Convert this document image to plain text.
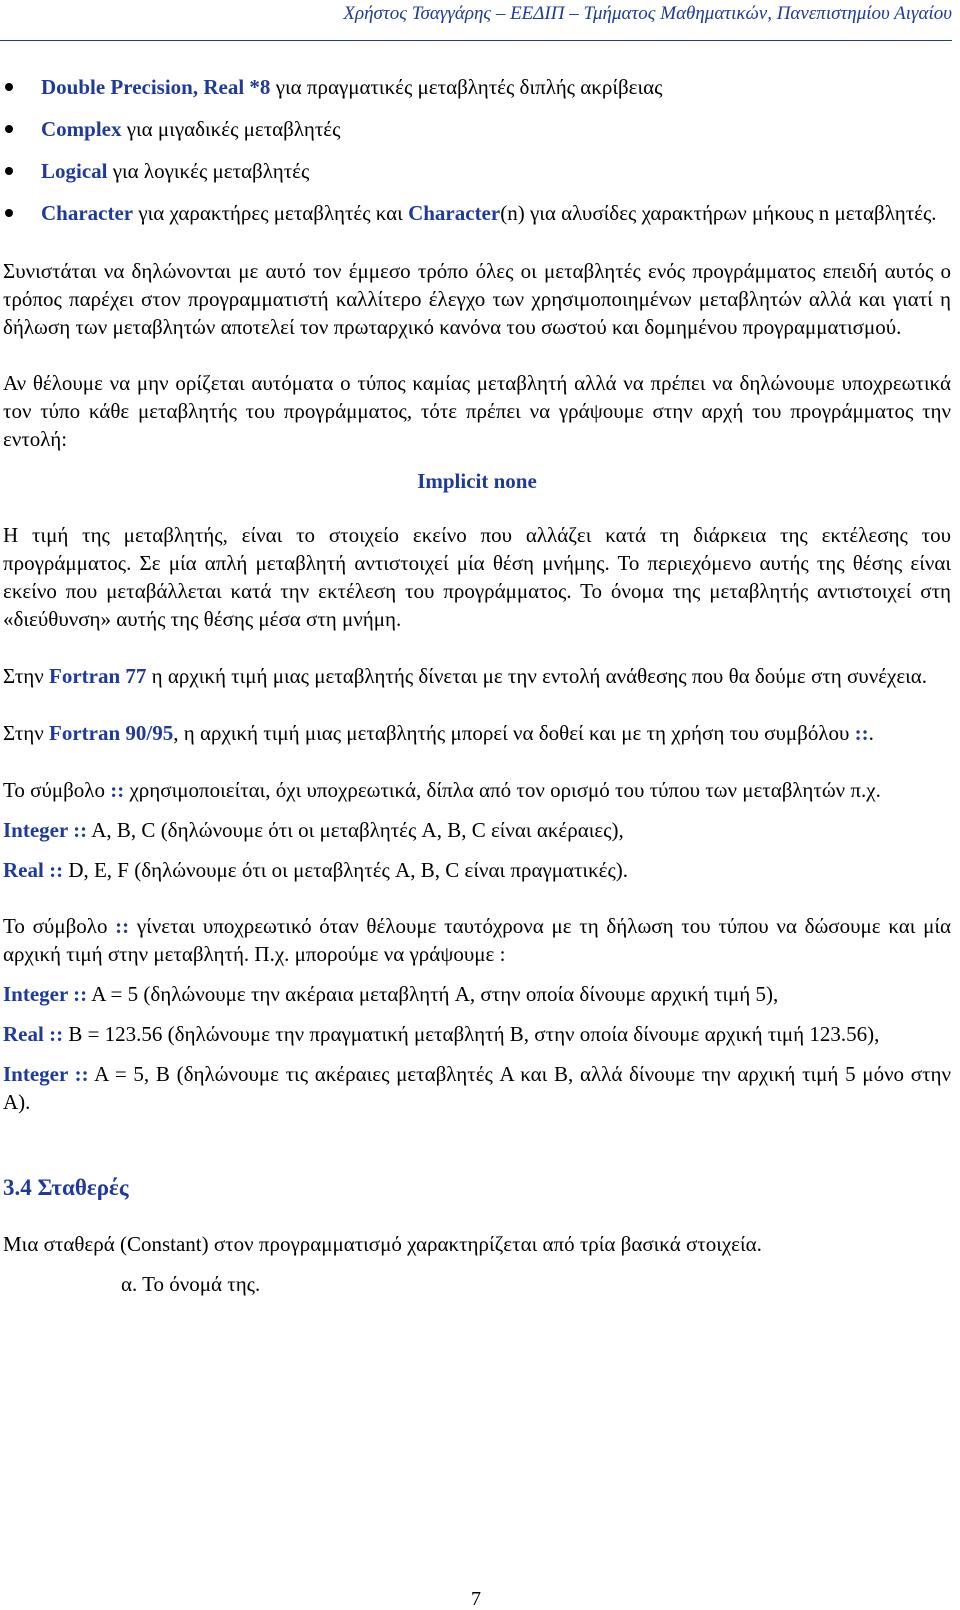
Χρήστος Τσαγγάρης – ΕΕΔΙΠ – Τμήματος Μαθηματικών, Πανεπιστημίου Αιγαίου
Double Precision, Real *8 για πραγματικές μεταβλητές διπλής ακρίβειας
Complex για μιγαδικές μεταβλητές
Logical για λογικές μεταβλητές
Character για χαρακτήρες μεταβλητές και Character(n) για αλυσίδες χαρακτήρων μήκους n μεταβλητές.

Συνιστάται να δηλώνονται με αυτό τον έμμεσο τρόπο όλες οι μεταβλητές ενός προγράμματος επειδή αυτός ο τρόπος παρέχει στον προγραμματιστή καλλίτερο έλεγχο των χρησιμοποιημένων μεταβλητών αλλά και γιατί η δήλωση των μεταβλητών αποτελεί τον πρωταρχικό κανόνα του σωστού και δομημένου προγραμματισμού.

Αν θέλουμε να μην ορίζεται αυτόματα ο τύπος καμίας μεταβλητή αλλά να πρέπει να δηλώνουμε υποχρεωτικά τον τύπο κάθε μεταβλητής του προγράμματος, τότε πρέπει να γράψουμε στην αρχή του προγράμματος την εντολή:

Implicit none

Η τιμή της μεταβλητής, είναι το στοιχείο εκείνο που αλλάζει κατά τη διάρκεια της εκτέλεσης του προγράμματος. Σε μία απλή μεταβλητή αντιστοιχεί μία θέση μνήμης. Το περιεχόμενο αυτής της θέσης είναι εκείνο που μεταβάλλεται κατά την εκτέλεση του προγράμματος. Το όνομα της μεταβλητής αντιστοιχεί στη «διεύθυνση» αυτής της θέσης μέσα στη μνήμη.

Στην Fortran 77 η αρχική τιμή μιας μεταβλητής δίνεται με την εντολή ανάθεσης που θα δούμε στη συνέχεια.

Στην Fortran 90/95, η αρχική τιμή μιας μεταβλητής μπορεί να δοθεί και με τη χρήση του συμβόλου ::.

Το σύμβολο :: χρησιμοποιείται, όχι υποχρεωτικά, δίπλα από τον ορισμό του τύπου των μεταβλητών π.χ.

Integer :: A, B, C (δηλώνουμε ότι οι μεταβλητές A, B, C είναι ακέραιες),

Real :: D, E, F (δηλώνουμε ότι οι μεταβλητές A, B, C είναι πραγματικές).

Το σύμβολο :: γίνεται υποχρεωτικό όταν θέλουμε ταυτόχρονα με τη δήλωση του τύπου να δώσουμε και μία αρχική τιμή στην μεταβλητή. Π.χ. μπορούμε να γράψουμε :

Integer :: A = 5 (δηλώνουμε την ακέραια μεταβλητή A, στην οποία δίνουμε αρχική τιμή 5),

Real :: B = 123.56 (δηλώνουμε την πραγματική μεταβλητή B, στην οποία δίνουμε αρχική τιμή 123.56),

Integer :: A = 5, B (δηλώνουμε τις ακέραιες μεταβλητές A και B, αλλά δίνουμε την αρχική τιμή 5 μόνο στην A).

3.4 Σταθερές

Μια σταθερά (Constant) στον προγραμματισμό χαρακτηρίζεται από τρία βασικά στοιχεία.

α. Το όνομά της.

7
